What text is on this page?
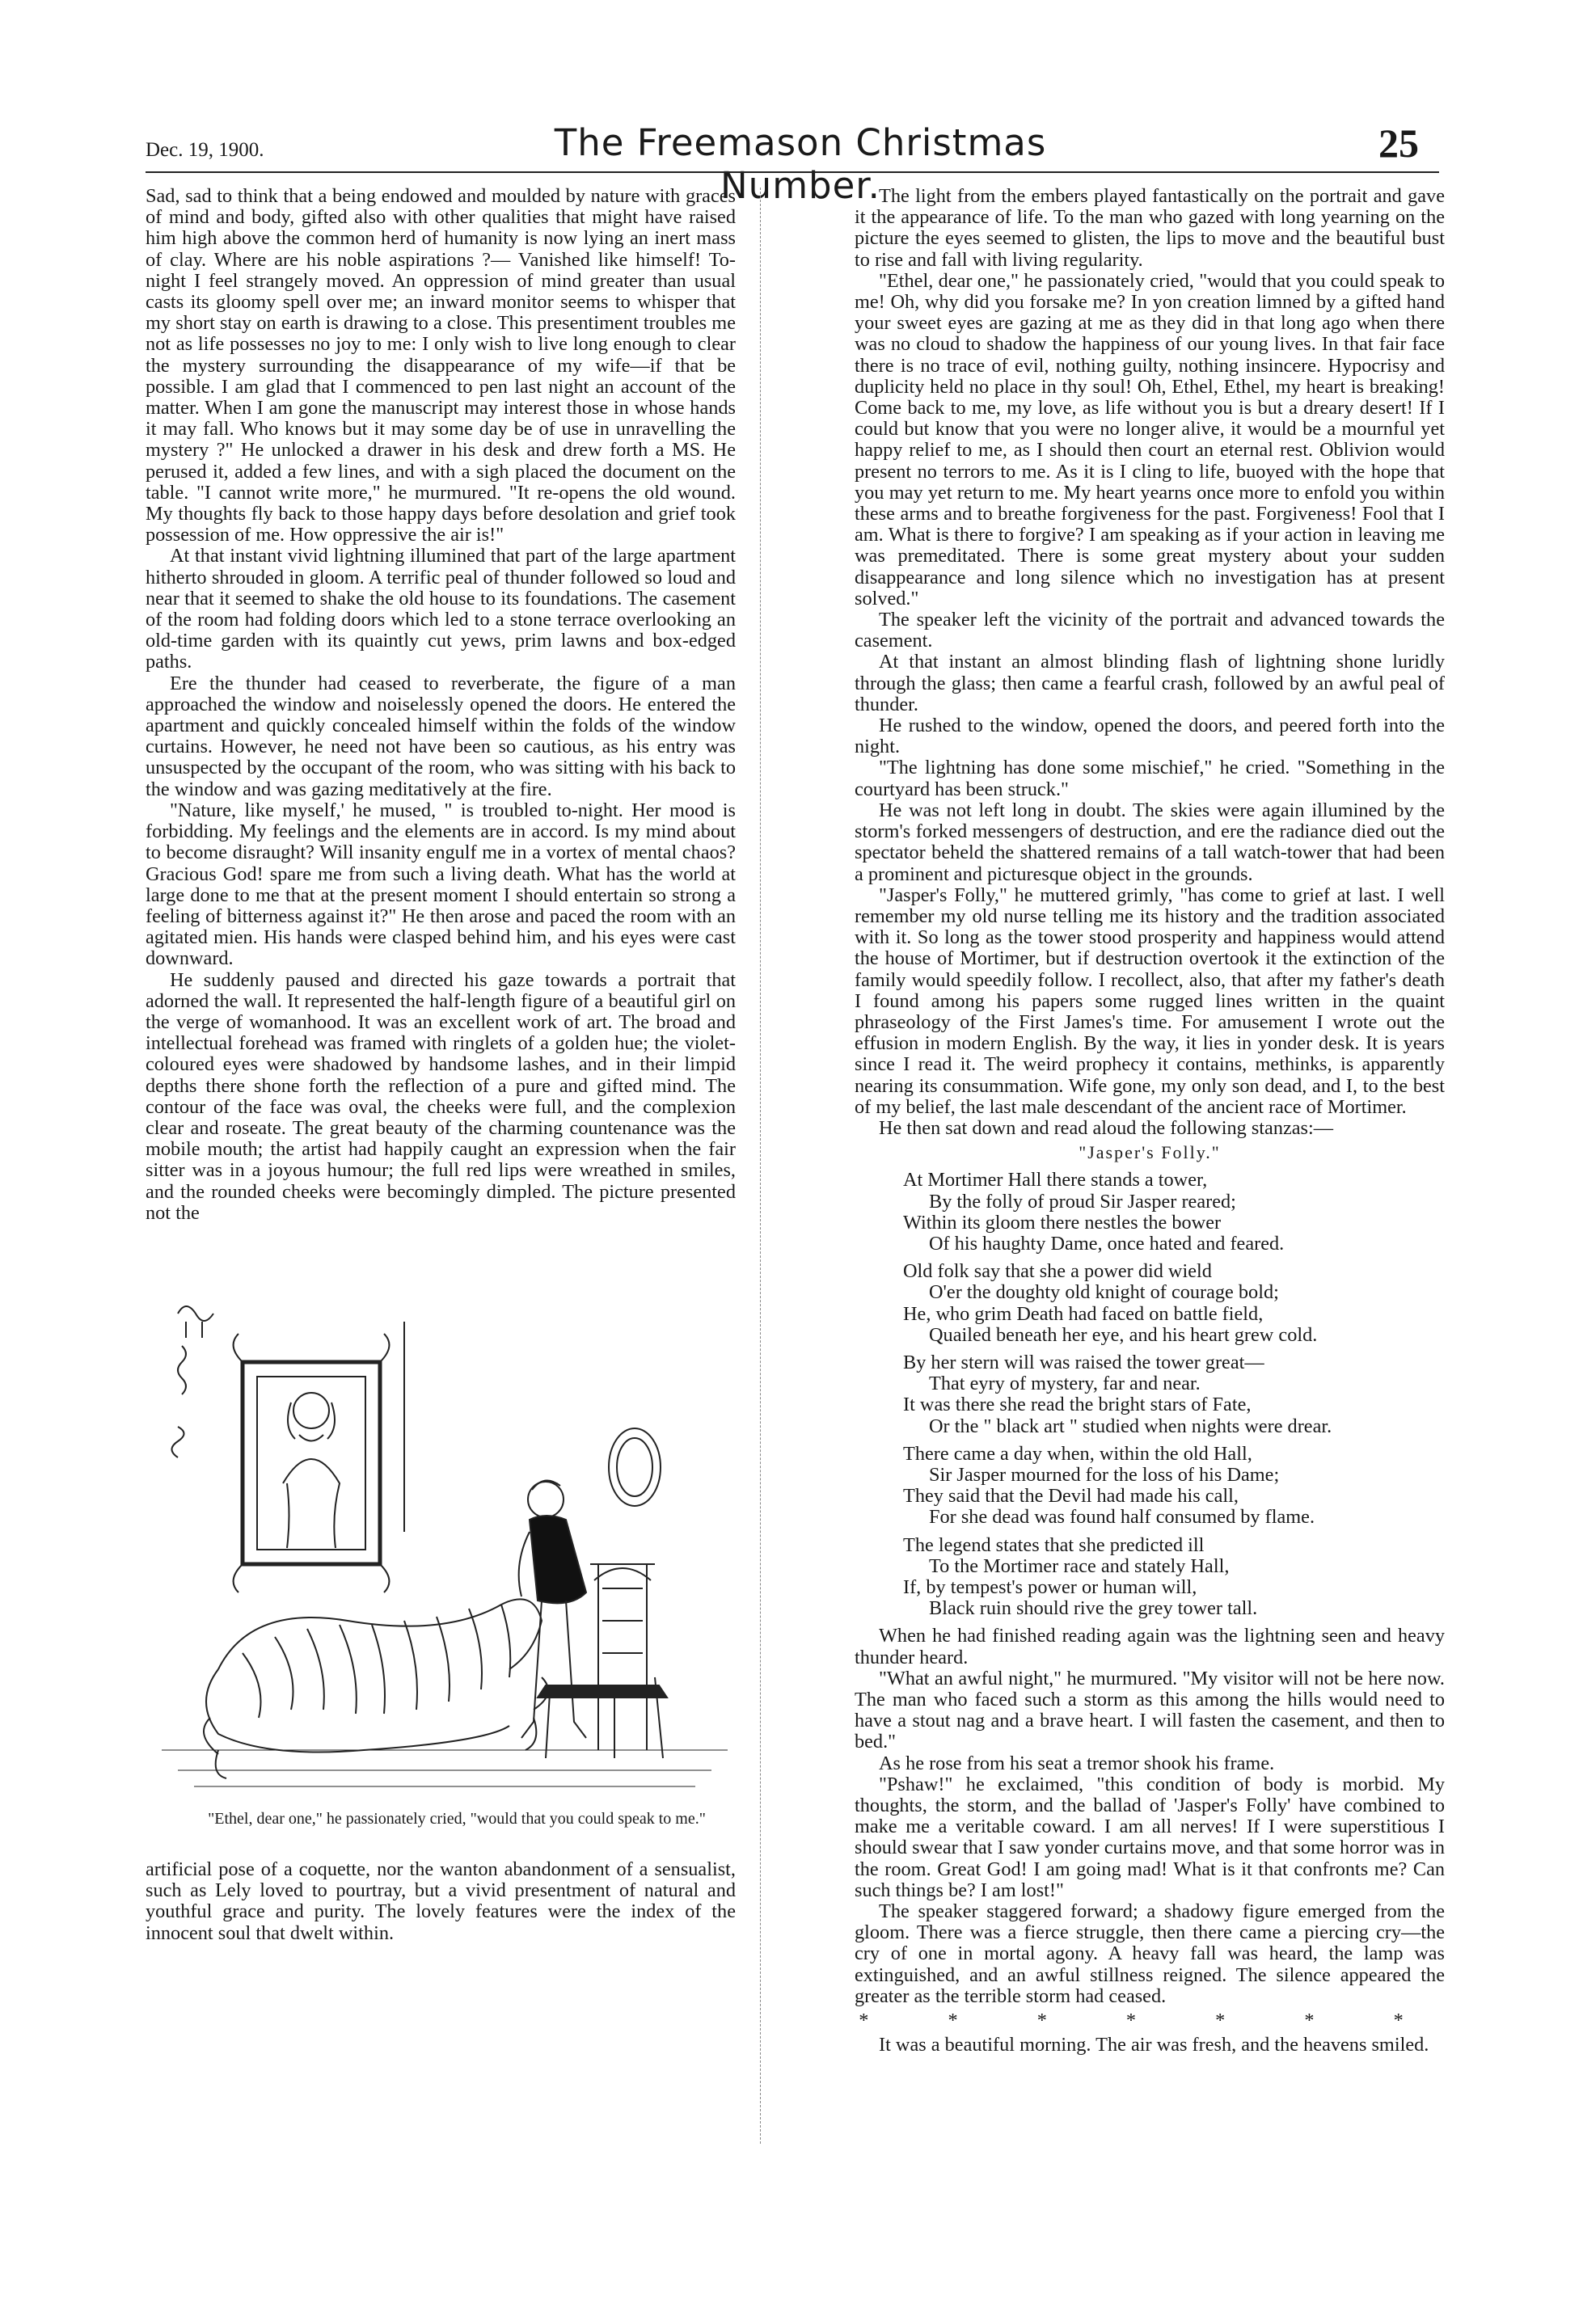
Dec. 19, 1900.	The Freemason Christmas Number.
25

Sad, sad to think that a being endowed and moulded by nature with graces of mind and body, gifted also with other qualities that might have raised him high above the common herd of humanity is now lying an inert mass of clay. Where are his noble aspirations ?— Vanished like himself! To-night I feel strangely moved. An oppression of mind greater than usual casts its gloomy spell over me; an inward monitor seems to whisper that my short stay on earth is drawing to a close. This presentiment troubles me not as life possesses no joy to me: I only wish to live long enough to clear the mystery surrounding the disappearance of my wife—if that be possible. I am glad that I commenced to pen last night an account of the matter. When I am gone the manuscript may interest those in whose hands it may fall. Who knows but it may some day be of use in unravelling the mystery ?" He unlocked a drawer in his desk and drew forth a MS. He perused it, added a few lines, and with a sigh placed the document on the table. "I cannot write more," he murmured. "It re-opens the old wound. My thoughts fly back to those happy days before desolation and grief took possession of me. How oppressive the air is!"

At that instant vivid lightning illumined that part of the large apartment hitherto shrouded in gloom. A terrific peal of thunder followed so loud and near that it seemed to shake the old house to its foundations. The casement of the room had folding doors which led to a stone terrace overlooking an old-time garden with its quaintly cut yews, prim lawns and box-edged paths.

Ere the thunder had ceased to reverberate, the figure of a man approached the window and noiselessly opened the doors. He entered the apartment and quickly concealed himself within the folds of the window curtains. However, he need not have been so cautious, as his entry was unsuspected by the occupant of the room, who was sitting with his back to the window and was gazing meditatively at the fire.

"Nature, like myself,' he mused, " is troubled to-night. Her mood is forbidding. My feelings and the elements are in accord. Is my mind about to become disraught? Will insanity engulf me in a vortex of mental chaos? Gracious God! spare me from such a living death. What has the world at large done to me that at the present moment I should entertain so strong a feeling of bitterness against it?" He then arose and paced the room with an agitated mien. His hands were clasped behind him, and his eyes were cast downward.

He suddenly paused and directed his gaze towards a portrait that adorned the wall. It represented the half-length figure of a beautiful girl on the verge of womanhood. It was an excellent work of art. The broad and intellectual forehead was framed with ringlets of a golden hue; the violet-coloured eyes were shadowed by handsome lashes, and in their limpid depths there shone forth the reflection of a pure and gifted mind. The contour of the face was oval, the cheeks were full, and the complexion clear and roseate. The great beauty of the charming countenance was the mobile mouth; the artist had happily caught an expression when the fair sitter was in a joyous humour; the full red lips were wreathed in smiles, and the rounded cheeks were becomingly dimpled. The picture presented not the

"Ethel, dear one," he passionately cried, "would that you could speak to me."

artificial pose of a coquette, nor the wanton abandonment of a sensualist, such as Lely loved to pourtray, but a vivid presentment of natural and youthful grace and purity. The lovely features were the index of the innocent soul that dwelt within.

The light from the embers played fantastically on the portrait and gave it the appearance of life. To the man who gazed with long yearning on the picture the eyes seemed to glisten, the lips to move and the beautiful bust to rise and fall with living regularity.

"Ethel, dear one," he passionately cried, "would that you could speak to me! Oh, why did you forsake me? In yon creation limned by a gifted hand your sweet eyes are gazing at me as they did in that long ago when there was no cloud to shadow the happiness of our young lives. In that fair face there is no trace of evil, nothing guilty, nothing insincere. Hypocrisy and duplicity held no place in thy soul! Oh, Ethel, Ethel, my heart is breaking! Come back to me, my love, as life without you is but a dreary desert! If I could but know that you were no longer alive, it would be a mournful yet happy relief to me, as I should then court an eternal rest. Oblivion would present no terrors to me. As it is I cling to life, buoyed with the hope that you may yet return to me. My heart yearns once more to enfold you within these arms and to breathe forgiveness for the past. Forgiveness! Fool that I am. What is there to forgive? I am speaking as if your action in leaving me was premeditated. There is some great mystery about your sudden disappearance and long silence which no investigation has at present solved."

The speaker left the vicinity of the portrait and advanced towards the casement.

At that instant an almost blinding flash of lightning shone luridly through the glass; then came a fearful crash, followed by an awful peal of thunder.

He rushed to the window, opened the doors, and peered forth into the night.

"The lightning has done some mischief," he cried. "Something in the courtyard has been struck."

He was not left long in doubt. The skies were again illumined by the storm's forked messengers of destruction, and ere the radiance died out the spectator beheld the shattered remains of a tall watch-tower that had been a prominent and picturesque object in the grounds.

"Jasper's Folly," he muttered grimly, "has come to grief at last. I well remember my old nurse telling me its history and the tradition associated with it. So long as the tower stood prosperity and happiness would attend the house of Mortimer, but if destruction overtook it the extinction of the family would speedily follow. I recollect, also, that after my father's death I found among his papers some rugged lines written in the quaint phraseology of the First James's time. For amusement I wrote out the effusion in modern English. By the way, it lies in yonder desk. It is years since I read it. The weird prophecy it contains, methinks, is apparently nearing its consummation. Wife gone, my only son dead, and I, to the best of my belief, the last male descendant of the ancient race of Mortimer.

He then sat down and read aloud the following stanzas:—

"Jasper's Folly."
At Mortimer Hall there stands a tower,
By the folly of proud Sir Jasper reared;
Within its gloom there nestles the bower
Of his haughty Dame, once hated and feared.
Old folk say that she a power did wield
O'er the doughty old knight of courage bold;
He, who grim Death had faced on battle field,
Quailed beneath her eye, and his heart grew cold.
By her stern will was raised the tower great—
That eyry of mystery, far and near.
It was there she read the bright stars of Fate,
Or the " black art " studied when nights were drear.
There came a day when, within the old Hall,
Sir Jasper mourned for the loss of his Dame;
They said that the Devil had made his call,
For she dead was found half consumed by flame.
The legend states that she predicted ill
To the Mortimer race and stately Hall,
If, by tempest's power or human will,
Black ruin should rive the grey tower tall.

When he had finished reading again was the lightning seen and heavy thunder heard.

"What an awful night," he murmured. "My visitor will not be here now. The man who faced such a storm as this among the hills would need to have a stout nag and a brave heart. I will fasten the casement, and then to bed."

As he rose from his seat a tremor shook his frame.

"Pshaw!" he exclaimed, "this condition of body is morbid. My thoughts, the storm, and the ballad of 'Jasper's Folly' have combined to make me a veritable coward. I am all nerves! If I were superstitious I should swear that I saw yonder curtains move, and that some horror was in the room. Great God! I am going mad! What is it that confronts me? Can such things be? I am lost!"

The speaker staggered forward; a shadowy figure emerged from the gloom. There was a fierce struggle, then there came a piercing cry—the cry of one in mortal agony. A heavy fall was heard, the lamp was extinguished, and an awful stillness reigned. The silence appeared the greater as the terrible storm had ceased.

* * * * * * *

It was a beautiful morning. The air was fresh, and the heavens smiled.
